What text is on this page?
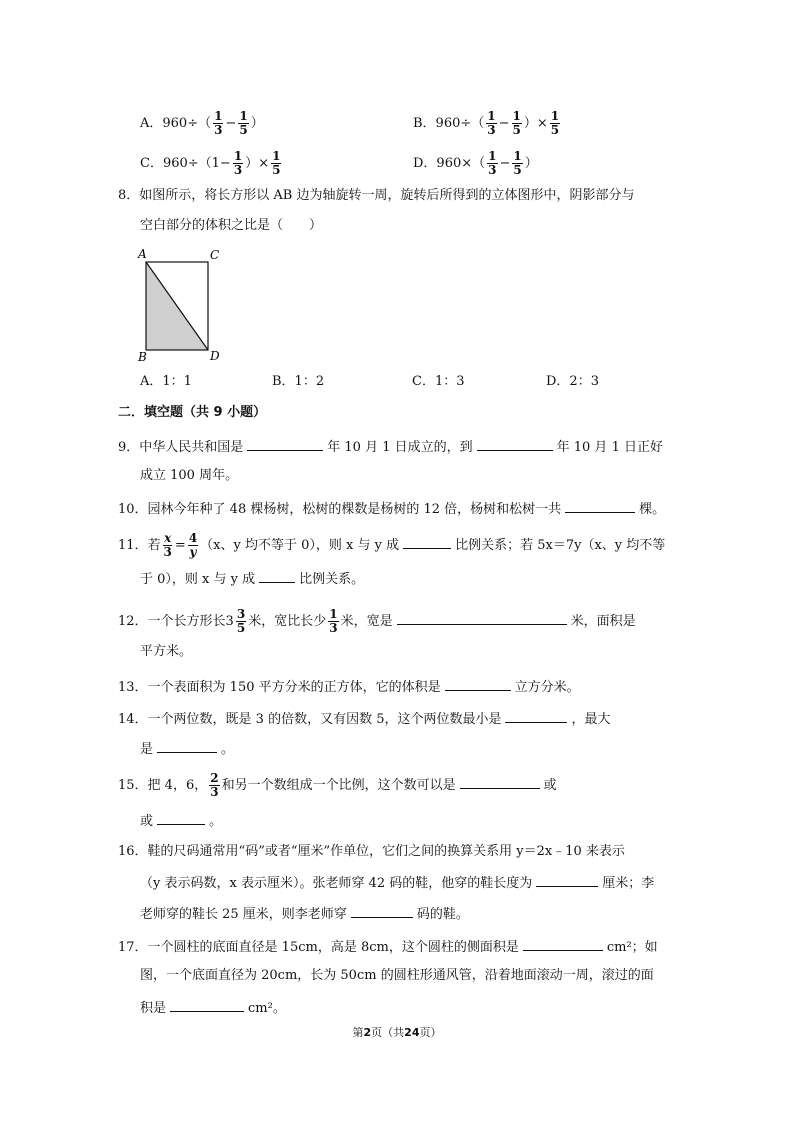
A．$960\div( \frac{1}{3} - \frac{1}{5}$ ）	B．$960\div( \frac{1}{3} - \frac{1}{5}$ ）× $\frac{1}{5}$
C．$960\div(1- \frac{1}{3}$ ）× $\frac{1}{5}$	D．$960\times( \frac{1}{3} - \frac{1}{5}$ ）
8．如图所示，将长方形以 AB 边为轴旋转一周，旋转后所得到的立体图形中，阴影部分与
空白部分的体积之比是（　　）
A	C
B	D
A．1：1	B．1：2	C．1：3	D．2：3
二．填空题（共 9 小题）
9．中华人民共和国是	年 10 月 1 日成立的，到	年 10 月 1 日正好
成立 100 周年。
10．园林今年种了 48 棵杨树，松树的棵数是杨树的 12 倍，杨树和松树一共	棵。
11．若 $\frac{x}{3} = \frac{4}{y} (x$、y 均不等于 0），则 x 与 y 成	比例关系；若 5x＝7y（x、y 均不等
于 0），则 x 与 y 成	比例关系。
12．一个长方形长$3 \frac{3}{5}$ 米，宽比长少 $\frac{1}{3}$ 米，宽是	米，面积是
平方米。
13．一个表面积为 150 平方分米的正方体，它的体积是	立方分米。
14．一个两位数，既是 3 的倍数，又有因数 5，这个两位数最小是	，最大
是	。
15．把 4，6， $\frac{2}{3}$ 和另一个数组成一个比例，这个数可以是	或
或	。
16．鞋的尺码通常用“码”或者“厘米”作单位，它们之间的换算关系用 y＝2x﹣10 来表示
（y 表示码数，x 表示厘米）。张老师穿 42 码的鞋，他穿的鞋长度为	厘米；李
老师穿的鞋长 25 厘米，则李老师穿	码的鞋。
17．一个圆柱的底面直径是 15cm，高是 8cm，这个圆柱的侧面积是	cm²；如
图，一个底面直径为 20cm，长为 50cm 的圆柱形通风管，沿着地面滚动一周，滚过的面
积是	cm²。
第2页（共24页）
